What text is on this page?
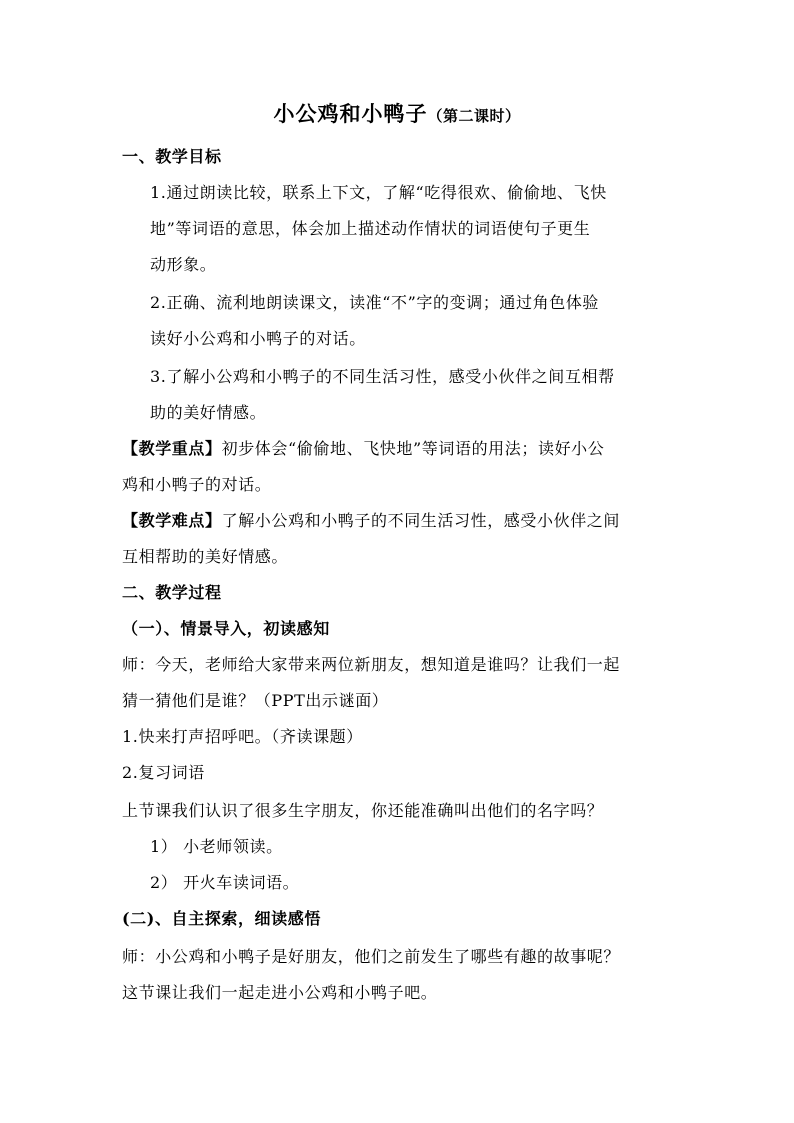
小公鸡和小鸭子（第二课时）
一、教学目标
1.通过朗读比较，联系上下文，了解“吃得很欢、偷偷地、飞快
地”等词语的意思，体会加上描述动作情状的词语使句子更生
动形象。
2.正确、流利地朗读课文，读准“不”字的变调；通过角色体验
读好小公鸡和小鸭子的对话。
3.了解小公鸡和小鸭子的不同生活习性，感受小伙伴之间互相帮
助的美好情感。
【教学重点】初步体会“偷偷地、飞快地”等词语的用法；读好小公
鸡和小鸭子的对话。
【教学难点】了解小公鸡和小鸭子的不同生活习性，感受小伙伴之间
互相帮助的美好情感。
二、教学过程
（一）、情景导入，初读感知
师：今天，老师给大家带来两位新朋友，想知道是谁吗？让我们一起
猜一猜他们是谁？（PPT出示谜面）
1.快来打声招呼吧。（齐读课题）
2.复习词语
上节课我们认识了很多生字朋友，你还能准确叫出他们的名字吗？
1） 小老师领读。
2） 开火车读词语。
(二)、自主探索，细读感悟
师：小公鸡和小鸭子是好朋友，他们之前发生了哪些有趣的故事呢？
这节课让我们一起走进小公鸡和小鸭子吧。
